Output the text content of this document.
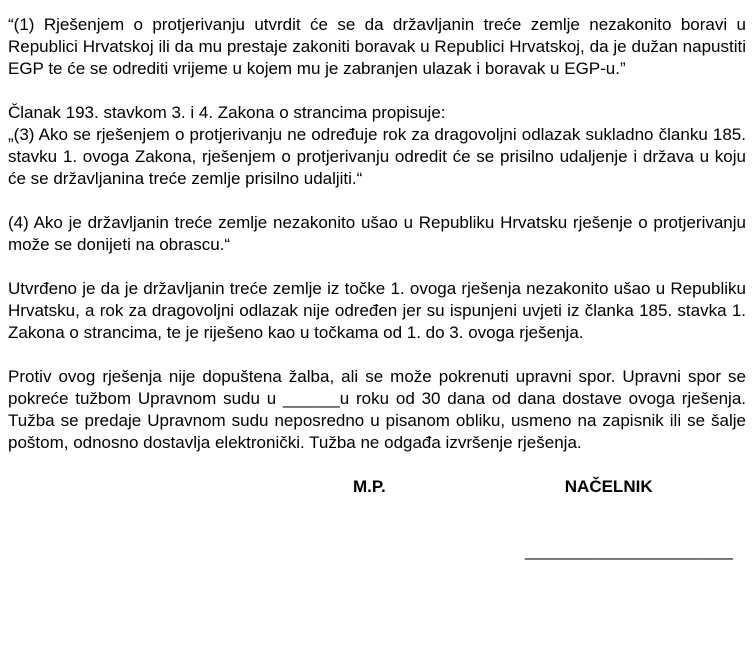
“(1) Rješenjem o protjerivanju utvrdit će se da državljanin treće zemlje nezakonito boravi u Republici Hrvatskoj ili da mu prestaje zakoniti boravak u Republici Hrvatskoj, da je dužan napustiti EGP te će se odrediti vrijeme u kojem mu je zabranjen ulazak i boravak u EGP-u.”

Članak 193. stavkom 3. i 4. Zakona o strancima propisuje:

„(3) Ako se rješenjem o protjerivanju ne određuje rok za dragovoljni odlazak sukladno članku 185. stavku 1. ovoga Zakona, rješenjem o protjerivanju odredit će se prisilno udaljenje i država u koju će se državljanina treće zemlje prisilno udaljiti.“

(4) Ako je državljanin treće zemlje nezakonito ušao u Republiku Hrvatsku rješenje o protjerivanju može se donijeti na obrascu.“

Utvrđeno je da je državljanin treće zemlje iz točke 1. ovoga rješenja nezakonito ušao u Republiku Hrvatsku, a rok za dragovoljni odlazak nije određen jer su ispunjeni uvjeti iz članka 185. stavka 1. Zakona o strancima, te je riješeno kao u točkama od 1. do 3. ovoga rješenja.

Protiv ovog rješenja nije dopuštena žalba, ali se može pokrenuti upravni spor. Upravni spor se pokreće tužbom Upravnom sudu u ______u roku od 30 dana od dana dostave ovoga rješenja. Tužba se predaje Upravnom sudu neposredno u pisanom obliku, usmeno na zapisnik ili se šalje poštom, odnosno dostavlja elektronički. Tužba ne odgađa izvršenje rješenja.

M.P.	NAČELNIK
______________________
